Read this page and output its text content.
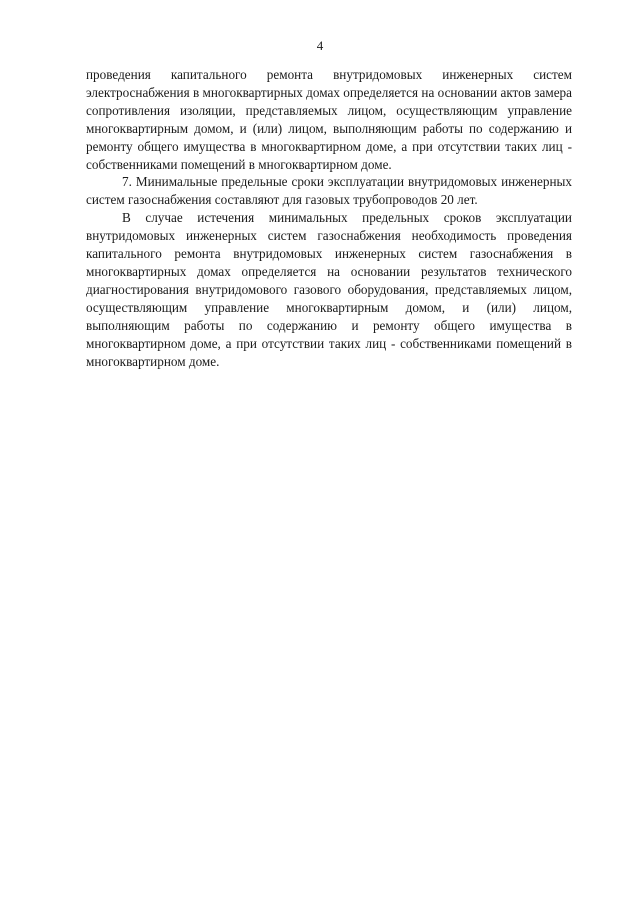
4

проведения капитального ремонта внутридомовых инженерных систем электроснабжения в многоквартирных домах определяется на основании актов замера сопротивления изоляции, представляемых лицом, осуществляющим управление многоквартирным домом, и (или) лицом, выполняющим работы по содержанию и ремонту общего имущества в многоквартирном доме, а при отсутствии таких лиц - собственниками помещений в многоквартирном доме.

7. Минимальные предельные сроки эксплуатации внутридомовых инженерных систем газоснабжения составляют для газовых трубопроводов 20 лет.

В случае истечения минимальных предельных сроков эксплуатации внутридомовых инженерных систем газоснабжения необходимость проведения капитального ремонта внутридомовых инженерных систем газоснабжения в многоквартирных домах определяется на основании результатов технического диагностирования внутридомового газового оборудования, представляемых лицом, осуществляющим управление многоквартирным домом, и (или) лицом, выполняющим работы по содержанию и ремонту общего имущества в многоквартирном доме, а при отсутствии таких лиц - собственниками помещений в многоквартирном доме.
